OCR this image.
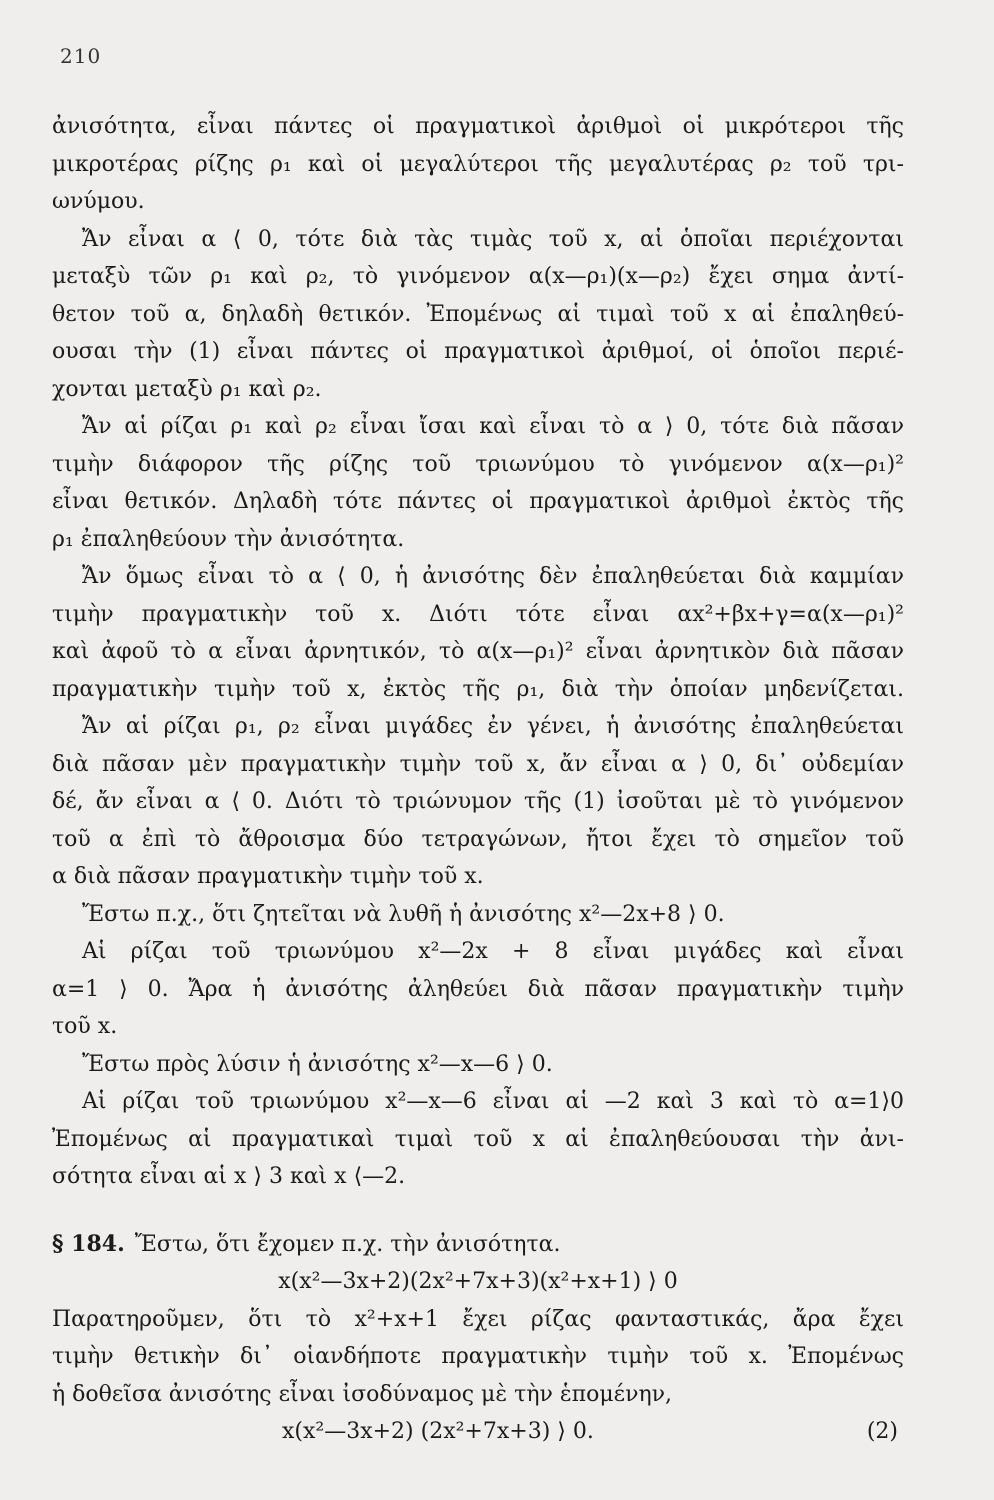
210
ἀνισότητα, εἶναι πάντες οἱ πραγματικοὶ ἀριθμοὶ οἱ μικρότεροι τῆς
μικροτέρας ρίζης ρ₁ καὶ οἱ μεγαλύτεροι τῆς μεγαλυτέρας ρ₂ τοῦ τρι-
ωνύμου.
Ἄν εἶναι α ⟨ 0, τότε διὰ τὰς τιμὰς τοῦ x, αἱ ὁποῖαι περιέχονται
μεταξὺ τῶν ρ₁ καὶ ρ₂, τὸ γινόμενον α(x—ρ₁)(x—ρ₂) ἔχει σημα ἀντί-
θετον τοῦ α, δηλαδὴ θετικόν. Ἐπομένως αἱ τιμαὶ τοῦ x αἱ ἐπαληθεύ-
ουσαι τὴν (1) εἶναι πάντες οἱ πραγματικοὶ ἀριθμοί, οἱ ὁποῖοι περιέ-
χονται μεταξὺ ρ₁ καὶ ρ₂.
Ἄν αἱ ρίζαι ρ₁ καὶ ρ₂ εἶναι ἴσαι καὶ εἶναι τὸ α ⟩ 0, τότε διὰ πᾶσαν
τιμὴν διάφορον τῆς ρίζης τοῦ τριωνύμου τὸ γινόμενον α(x—ρ₁)²
εἶναι θετικόν. Δηλαδὴ τότε πάντες οἱ πραγματικοὶ ἀριθμοὶ ἐκτὸς τῆς
ρ₁ ἐπαληθεύουν τὴν ἀνισότητα.
Ἄν ὅμως εἶναι τὸ α ⟨ 0, ἡ ἀνισότης δὲν ἐπαληθεύεται διὰ καμμίαν
τιμὴν πραγματικὴν τοῦ x. Διότι τότε εἶναι αx²+βx+γ=α(x—ρ₁)²
καὶ ἀφοῦ τὸ α εἶναι ἀρνητικόν, τὸ α(x—ρ₁)² εἶναι ἀρνητικὸν διὰ πᾶσαν
πραγματικὴν τιμὴν τοῦ x, ἐκτὸς τῆς ρ₁, διὰ τὴν ὁποίαν μηδενίζεται.
Ἄν αἱ ρίζαι ρ₁, ρ₂ εἶναι μιγάδες ἐν γένει, ἡ ἀνισότης ἐπαληθεύεται
διὰ πᾶσαν μὲν πραγματικὴν τιμὴν τοῦ x, ἄν εἶναι α ⟩ 0, δι᾽ οὐδεμίαν
δέ, ἄν εἶναι α ⟨ 0. Διότι τὸ τριώνυμον τῆς (1) ἰσοῦται μὲ τὸ γινόμενον
τοῦ α ἐπὶ τὸ ἄθροισμα δύο τετραγώνων, ἤτοι ἔχει τὸ σημεῖον τοῦ
α διὰ πᾶσαν πραγματικὴν τιμὴν τοῦ x.
Ἔστω π.χ., ὅτι ζητεῖται νὰ λυθῆ ἡ ἀνισότης x²—2x+8 ⟩ 0.
Αἱ ρίζαι τοῦ τριωνύμου x²—2x + 8 εἶναι μιγάδες καὶ εἶναι
α=1 ⟩ 0. Ἄρα ἡ ἀνισότης ἀληθεύει διὰ πᾶσαν πραγματικὴν τιμὴν
τοῦ x.
Ἔστω πρὸς λύσιν ἡ ἀνισότης x²—x—6 ⟩ 0.
Αἱ ρίζαι τοῦ τριωνύμου x²—x—6 εἶναι αἱ —2 καὶ 3 καὶ τὸ α=1⟩0
Ἐπομένως αἱ πραγματικαὶ τιμαὶ τοῦ x αἱ ἐπαληθεύουσαι τὴν ἀνι-
σότητα εἶναι αἱ x ⟩ 3 καὶ x ⟨—2.
§ 184. Ἔστω, ὅτι ἔχομεν π.χ. τὴν ἀνισότητα.
x(x²—3x+2)(2x²+7x+3)(x²+x+1) ⟩ 0
Παρατηροῦμεν, ὅτι τὸ x²+x+1 ἔχει ρίζας φανταστικάς, ἄρα ἔχει
τιμὴν θετικὴν δι᾽ οἱανδήποτε πραγματικὴν τιμὴν τοῦ x. Ἐπομένως
ἡ δοθεῖσα ἀνισότης εἶναι ἰσοδύναμος μὲ τὴν ἑπομένην,
x(x²—3x+2) (2x²+7x+3) ⟩ 0.	(2)
